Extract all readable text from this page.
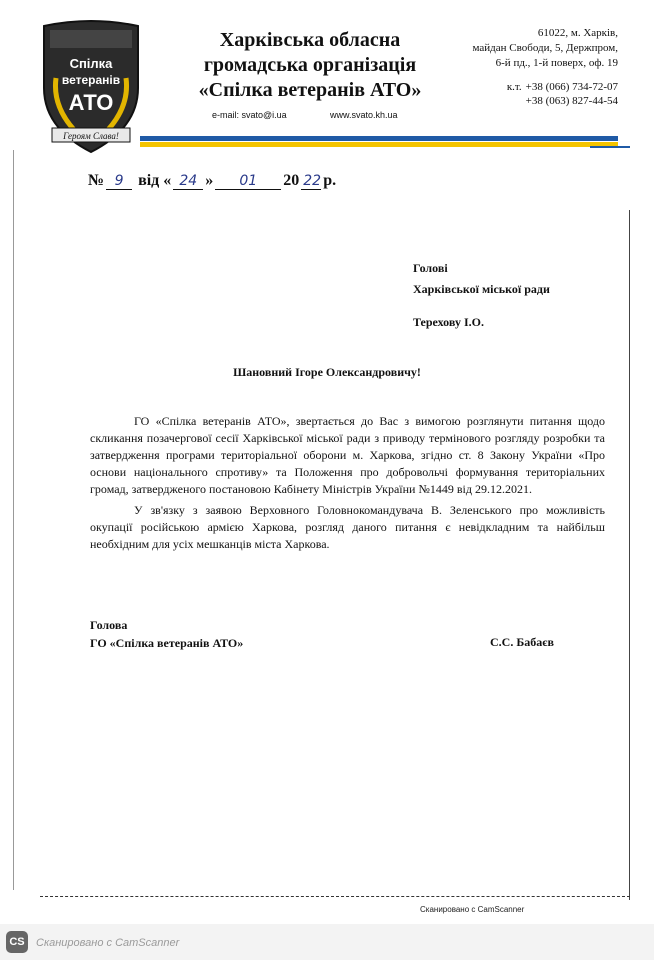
Спілка
ветеранів
АТО
Героям Слава!
Харківська обласна
громадська організація
«Спілка ветеранів АТО»
e-mail: svato@i.ua	www.svato.kh.ua
61022, м. Харків,
майдан Свободи, 5, Держпром,
6-й пд., 1-й поверх, оф. 19
к.т. +38 (066) 734-72-07
+38 (063) 827-44-54
№ 9 від « 24 »	01	20 22 р.
Голові
Харківської міської ради
Терехову І.О.
Шановний Ігоре Олександровичу!

ГО «Спілка ветеранів АТО», звертається до Вас з вимогою розглянути питання щодо скликання позачергової сесії Харківської міської ради з приводу термінового розгляду розробки та затвердження програми територіальної оборони м. Харкова, згідно ст. 8 Закону України «Про основи національного спротиву» та Положення про добровольчі формування територіальних громад, затвердженого постановою Кабінету Міністрів України №1449 від 29.12.2021.

У зв'язку з заявою Верховного Головнокомандувача В. Зеленського про можливість окупації російською армією Харкова, розгляд даного питання є невідкладним та найбільш необхідним для усіх мешканців міста Харкова.

Голова
ГО «Спілка ветеранів АТО»	С.С. Бабаєв
Сканировано с CamScanner
CS	Сканировано с CamScanner
